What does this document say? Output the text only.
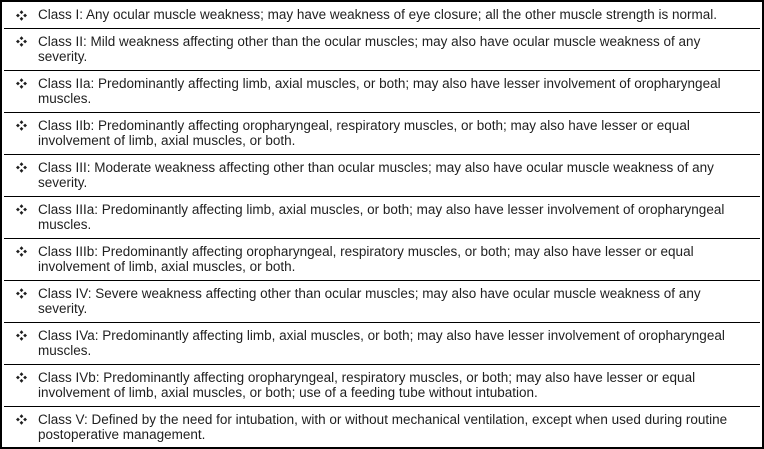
Class I: Any ocular muscle weakness; may have weakness of eye closure; all the other muscle strength is normal.
Class II: Mild weakness affecting other than the ocular muscles; may also have ocular muscle weakness of any severity.
Class IIa: Predominantly affecting limb, axial muscles, or both; may also have lesser involvement of oropharyngeal muscles.
Class IIb: Predominantly affecting oropharyngeal, respiratory muscles, or both; may also have lesser or equal involvement of limb, axial muscles, or both.
Class III: Moderate weakness affecting other than ocular muscles; may also have ocular muscle weakness of any severity.
Class IIIa: Predominantly affecting limb, axial muscles, or both; may also have lesser involvement of oropharyngeal muscles.
Class IIIb: Predominantly affecting oropharyngeal, respiratory muscles, or both; may also have lesser or equal involvement of limb, axial muscles, or both.
Class IV: Severe weakness affecting other than ocular muscles; may also have ocular muscle weakness of any severity.
Class IVa: Predominantly affecting limb, axial muscles, or both; may also have lesser involvement of oropharyngeal muscles.
Class IVb: Predominantly affecting oropharyngeal, respiratory muscles, or both; may also have lesser or equal involvement of limb, axial muscles, or both; use of a feeding tube without intubation.
Class V: Defined by the need for intubation, with or without mechanical ventilation, except when used during routine postoperative management.
